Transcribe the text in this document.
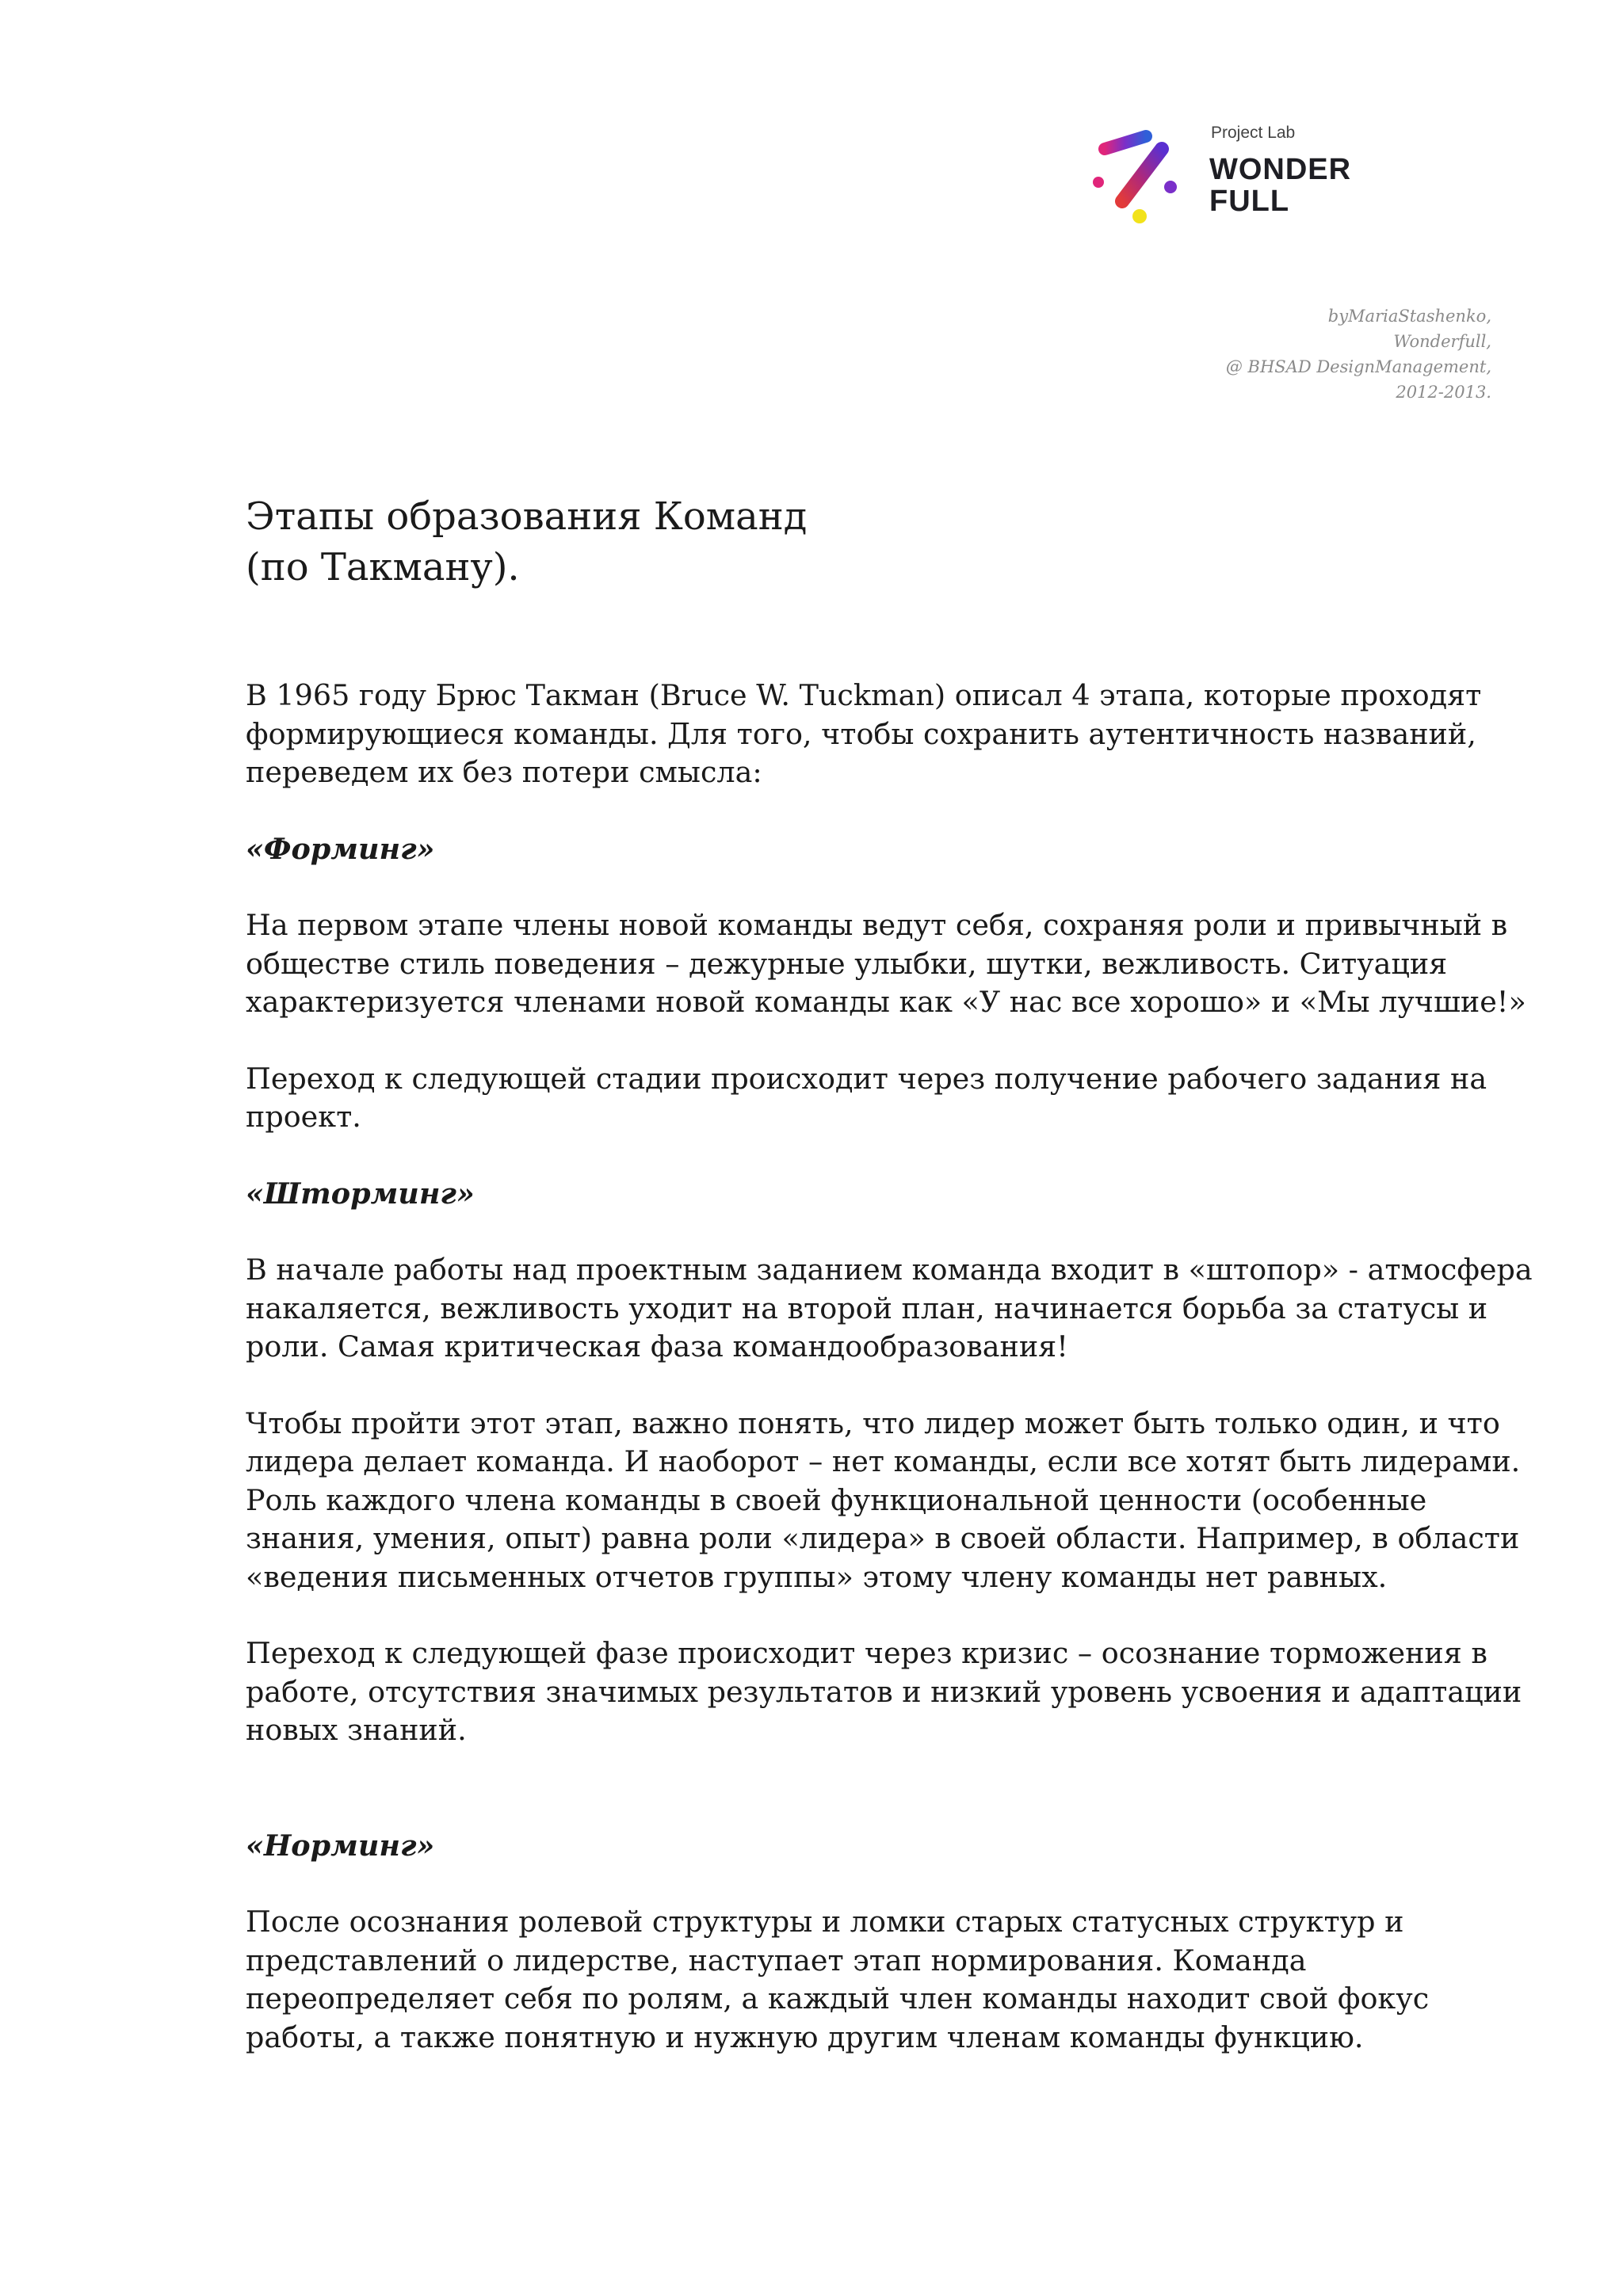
Project Lab
WONDER
FULL
byMariaStashenko,
Wonderfull,
@ BHSAD DesignManagement,
2012-2013.
Этапы образования Команд
(по Такману).
В 1965 году Брюс Такман (Bruce W. Tuckman) описал 4 этапа, которые проходят
формирующиеся команды. Для того, чтобы сохранить аутентичность названий,
переведем их без потери смысла:
«Форминг»
На первом этапе члены новой команды ведут себя, сохраняя роли и привычный в
обществе стиль поведения – дежурные улыбки, шутки, вежливость. Ситуация
характеризуется членами новой команды как «У нас все хорошо» и «Мы лучшие!»
Переход к следующей стадии происходит через получение рабочего задания на
проект.
«Шторминг»
В начале работы над проектным заданием команда входит в «штопор» - атмосфера
накаляется, вежливость уходит на второй план, начинается борьба за статусы и
роли. Самая критическая фаза командообразования!
Чтобы пройти этот этап, важно понять, что лидер может быть только один, и что
лидера делает команда. И наоборот – нет команды, если все хотят быть лидерами.
Роль каждого члена команды в своей функциональной ценности (особенные
знания, умения, опыт) равна роли «лидера» в своей области. Например, в области
«ведения письменных отчетов группы» этому члену команды нет равных.
Переход к следующей фазе происходит через кризис – осознание торможения в
работе, отсутствия значимых результатов и низкий уровень усвоения и адаптации
новых знаний.
«Норминг»
После осознания ролевой структуры и ломки старых статусных структур и
представлений о лидерстве, наступает этап нормирования. Команда
переопределяет себя по ролям, а каждый член команды находит свой фокус
работы, а также понятную и нужную другим членам команды функцию.
